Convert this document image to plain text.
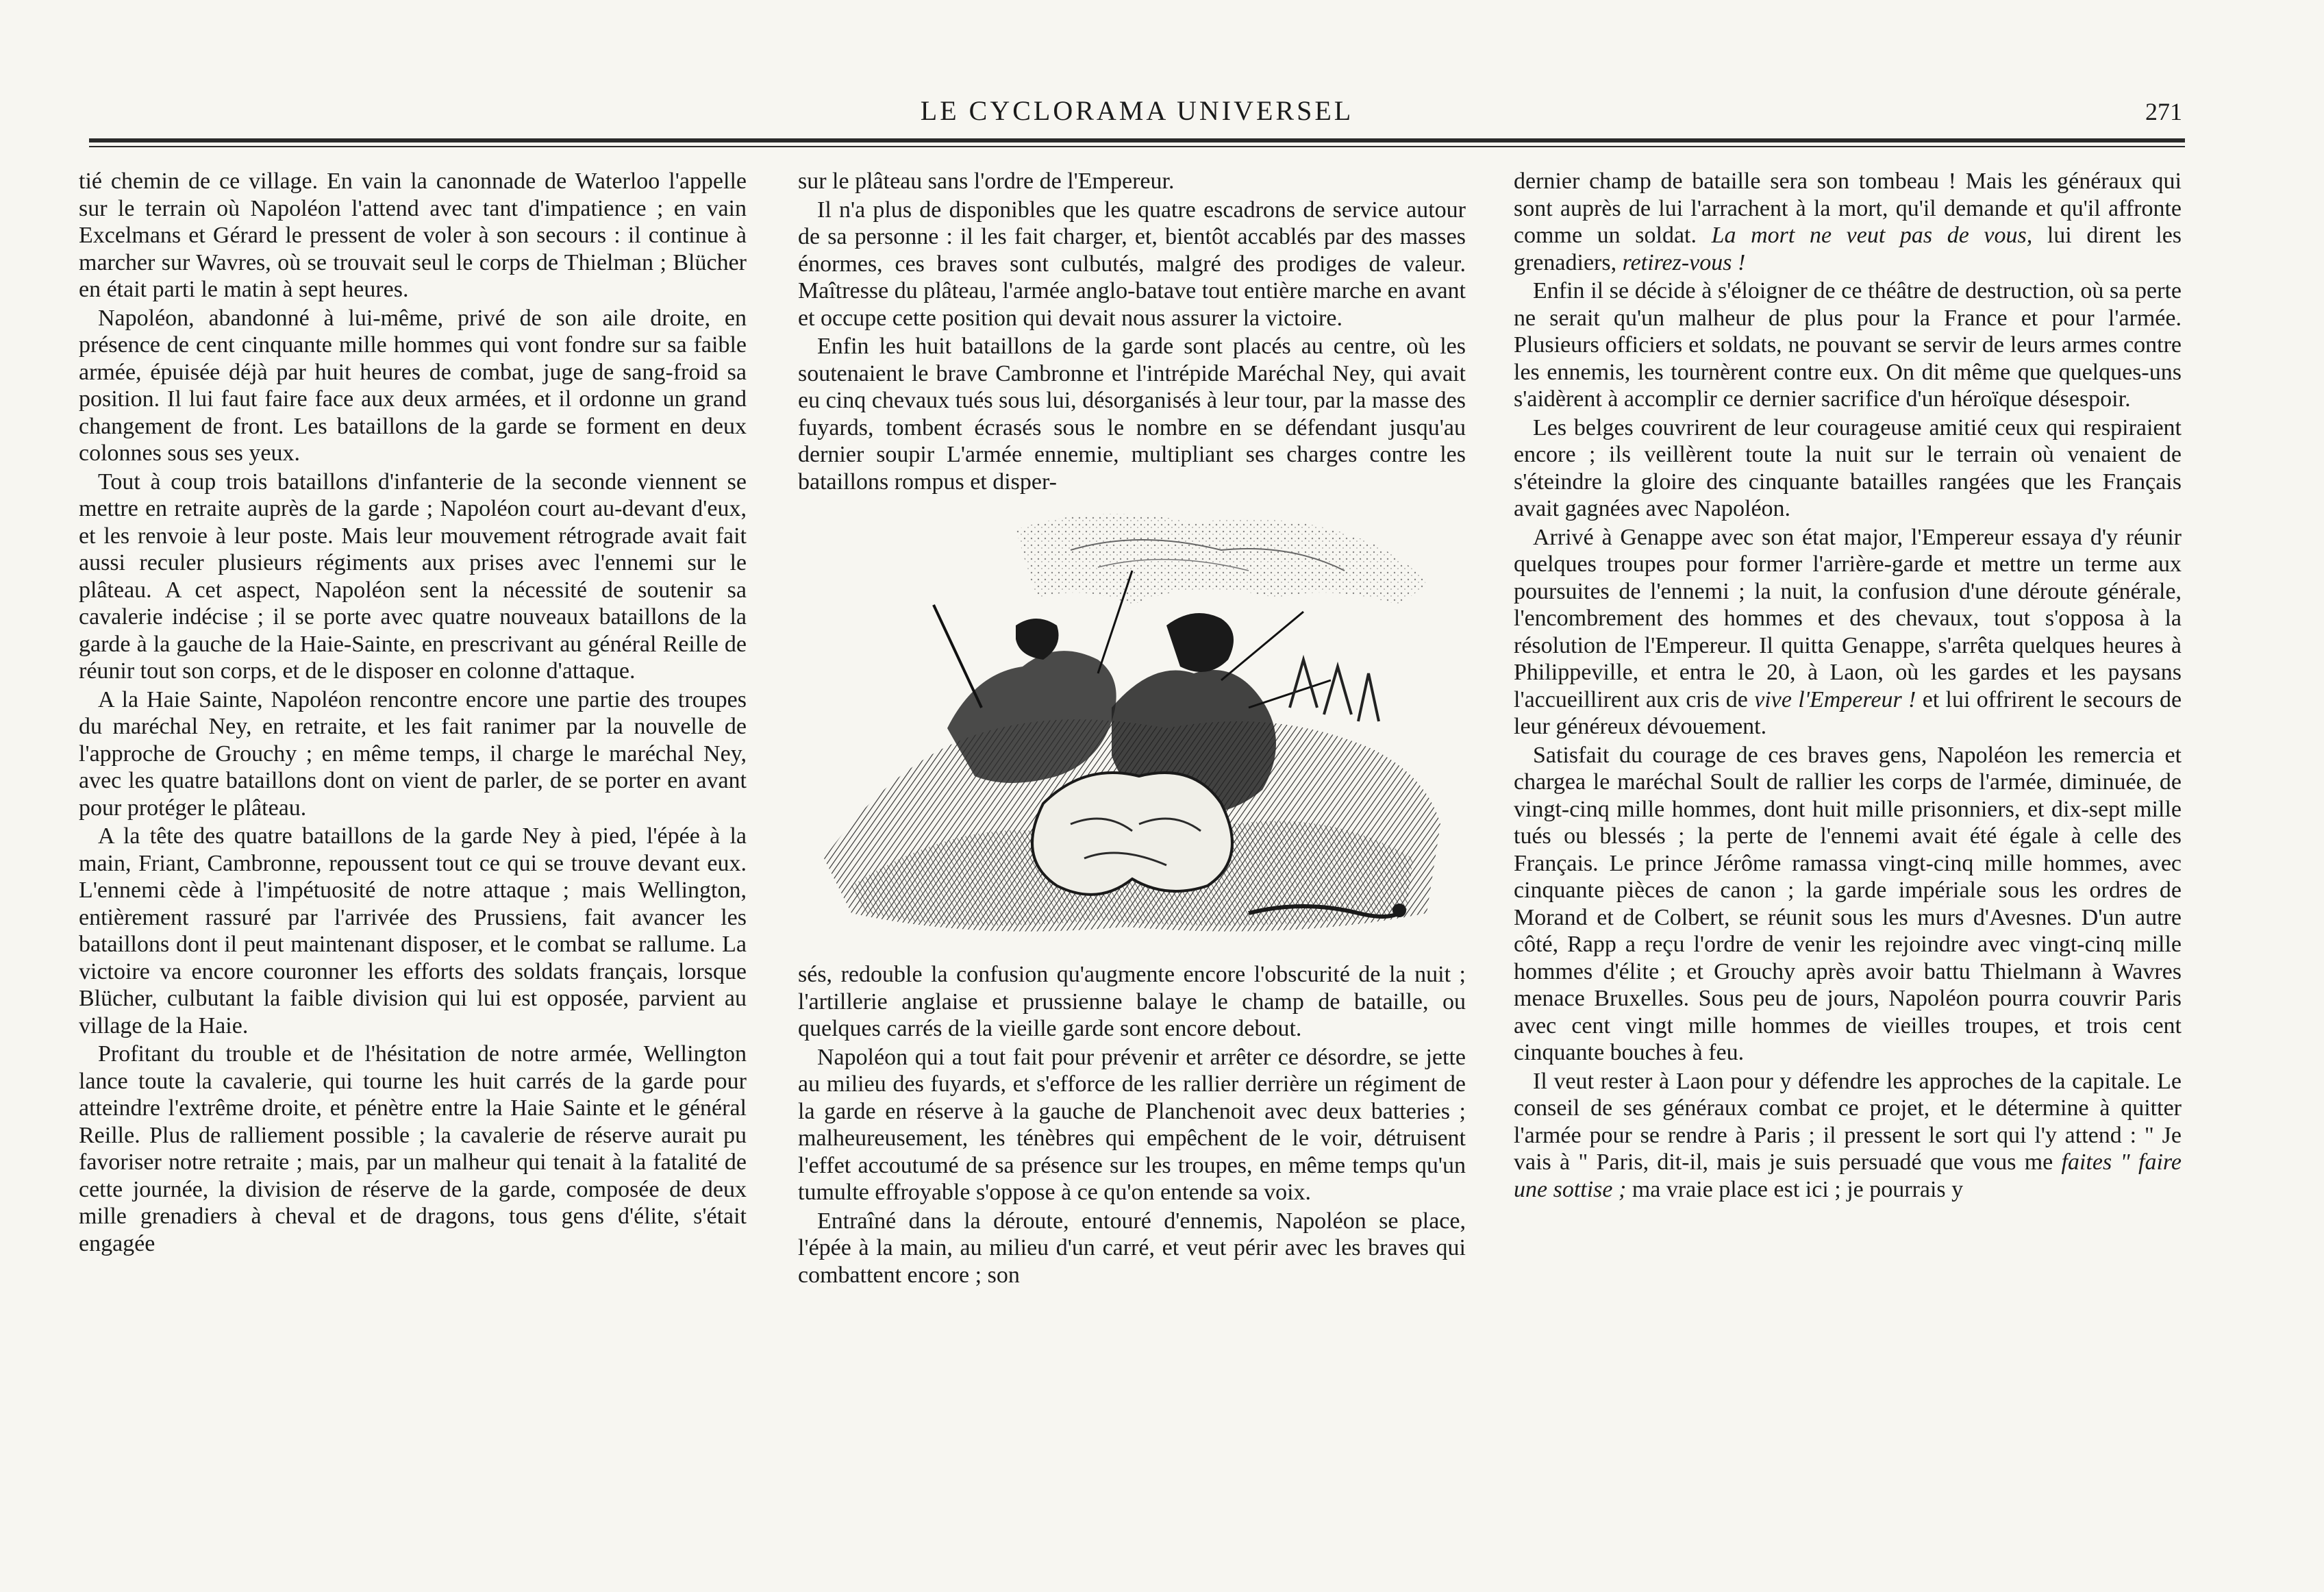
LE CYCLORAMA UNIVERSEL	271

tié chemin de ce village. En vain la canonnade de Waterloo l'appelle sur le terrain où Napoléon l'attend avec tant d'impatience ; en vain Excelmans et Gérard le pressent de voler à son secours : il continue à marcher sur Wavres, où se trouvait seul le corps de Thielman ; Blücher en était parti le matin à sept heures.

Napoléon, abandonné à lui-même, privé de son aile droite, en présence de cent cinquante mille hommes qui vont fondre sur sa faible armée, épuisée déjà par huit heures de combat, juge de sang-froid sa position. Il lui faut faire face aux deux armées, et il ordonne un grand changement de front. Les bataillons de la garde se forment en deux colonnes sous ses yeux.

Tout à coup trois bataillons d'infanterie de la seconde viennent se mettre en retraite auprès de la garde ; Napoléon court au-devant d'eux, et les renvoie à leur poste. Mais leur mouvement rétrograde avait fait aussi reculer plusieurs régiments aux prises avec l'ennemi sur le plâteau. A cet aspect, Napoléon sent la nécessité de soutenir sa cavalerie indécise ; il se porte avec quatre nouveaux bataillons de la garde à la gauche de la Haie-Sainte, en prescrivant au général Reille de réunir tout son corps, et de le disposer en colonne d'attaque.

A la Haie Sainte, Napoléon rencontre encore une partie des troupes du maréchal Ney, en retraite, et les fait ranimer par la nouvelle de l'approche de Grouchy ; en même temps, il charge le maréchal Ney, avec les quatre bataillons dont on vient de parler, de se porter en avant pour protéger le plâteau.

A la tête des quatre bataillons de la garde Ney à pied, l'épée à la main, Friant, Cambronne, repoussent tout ce qui se trouve devant eux. L'ennemi cède à l'impétuosité de notre attaque ; mais Wellington, entièrement rassuré par l'arrivée des Prussiens, fait avancer les bataillons dont il peut maintenant disposer, et le combat se rallume. La victoire va encore couronner les efforts des soldats français, lorsque Blücher, culbutant la faible division qui lui est opposée, parvient au village de la Haie.

Profitant du trouble et de l'hésitation de notre armée, Wellington lance toute la cavalerie, qui tourne les huit carrés de la garde pour atteindre l'extrême droite, et pénètre entre la Haie Sainte et le général Reille. Plus de ralliement possible ; la cavalerie de réserve aurait pu favoriser notre retraite ; mais, par un malheur qui tenait à la fatalité de cette journée, la division de réserve de la garde, composée de deux mille grenadiers à cheval et de dragons, tous gens d'élite, s'était engagée

sur le plâteau sans l'ordre de l'Empereur.

Il n'a plus de disponibles que les quatre escadrons de service autour de sa personne : il les fait charger, et, bientôt accablés par des masses énormes, ces braves sont culbutés, malgré des prodiges de valeur. Maîtresse du plâteau, l'armée anglo-batave tout entière marche en avant et occupe cette position qui devait nous assurer la victoire.

Enfin les huit bataillons de la garde sont placés au centre, où les soutenaient le brave Cambronne et l'intrépide Maréchal Ney, qui avait eu cinq chevaux tués sous lui, désorganisés à leur tour, par la masse des fuyards, tombent écrasés sous le nombre en se défendant jusqu'au dernier soupir L'armée ennemie, multipliant ses charges contre les bataillons rompus et disper-

sés, redouble la confusion qu'augmente encore l'obscurité de la nuit ; l'artillerie anglaise et prussienne balaye le champ de bataille, ou quelques carrés de la vieille garde sont encore debout.

Napoléon qui a tout fait pour prévenir et arrêter ce désordre, se jette au milieu des fuyards, et s'efforce de les rallier derrière un régiment de la garde en réserve à la gauche de Planchenoit avec deux batteries ; malheureusement, les ténèbres qui empêchent de le voir, détruisent l'effet accoutumé de sa présence sur les troupes, en même temps qu'un tumulte effroyable s'oppose à ce qu'on entende sa voix.

Entraîné dans la déroute, entouré d'ennemis, Napoléon se place, l'épée à la main, au milieu d'un carré, et veut périr avec les braves qui combattent encore ; son

dernier champ de bataille sera son tombeau ! Mais les généraux qui sont auprès de lui l'arrachent à la mort, qu'il demande et qu'il affronte comme un soldat. La mort ne veut pas de vous, lui dirent les grenadiers, retirez-vous !

Enfin il se décide à s'éloigner de ce théâtre de destruction, où sa perte ne serait qu'un malheur de plus pour la France et pour l'armée. Plusieurs officiers et soldats, ne pouvant se servir de leurs armes contre les ennemis, les tournèrent contre eux. On dit même que quelques-uns s'aidèrent à accomplir ce dernier sacrifice d'un héroïque désespoir.

Les belges couvrirent de leur courageuse amitié ceux qui respiraient encore ; ils veillèrent toute la nuit sur le terrain où venaient de s'éteindre la gloire des cinquante batailles rangées que les Français avait gagnées avec Napoléon.

Arrivé à Genappe avec son état major, l'Empereur essaya d'y réunir quelques troupes pour former l'arrière-garde et mettre un terme aux poursuites de l'ennemi ; la nuit, la confusion d'une déroute générale, l'encombrement des hommes et des chevaux, tout s'opposa à la résolution de l'Empereur. Il quitta Genappe, s'arrêta quelques heures à Philippeville, et entra le 20, à Laon, où les gardes et les paysans l'accueillirent aux cris de vive l'Empereur ! et lui offrirent le secours de leur généreux dévouement.

Satisfait du courage de ces braves gens, Napoléon les remercia et chargea le maréchal Soult de rallier les corps de l'armée, diminuée, de vingt-cinq mille hommes, dont huit mille prisonniers, et dix-sept mille tués ou blessés ; la perte de l'ennemi avait été égale à celle des Français. Le prince Jérôme ramassa vingt-cinq mille hommes, avec cinquante pièces de canon ; la garde impériale sous les ordres de Morand et de Colbert, se réunit sous les murs d'Avesnes. D'un autre côté, Rapp a reçu l'ordre de venir les rejoindre avec vingt-cinq mille hommes d'élite ; et Grouchy après avoir battu Thielmann à Wavres menace Bruxelles. Sous peu de jours, Napoléon pourra couvrir Paris avec cent vingt mille hommes de vieilles troupes, et trois cent cinquante bouches à feu.

Il veut rester à Laon pour y défendre les approches de la capitale. Le conseil de ses généraux combat ce projet, et le détermine à quitter l'armée pour se rendre à Paris ; il pressent le sort qui l'y attend : " Je vais à " Paris, dit-il, mais je suis persuadé que vous me faites " faire une sottise ; ma vraie place est ici ; je pourrais y
